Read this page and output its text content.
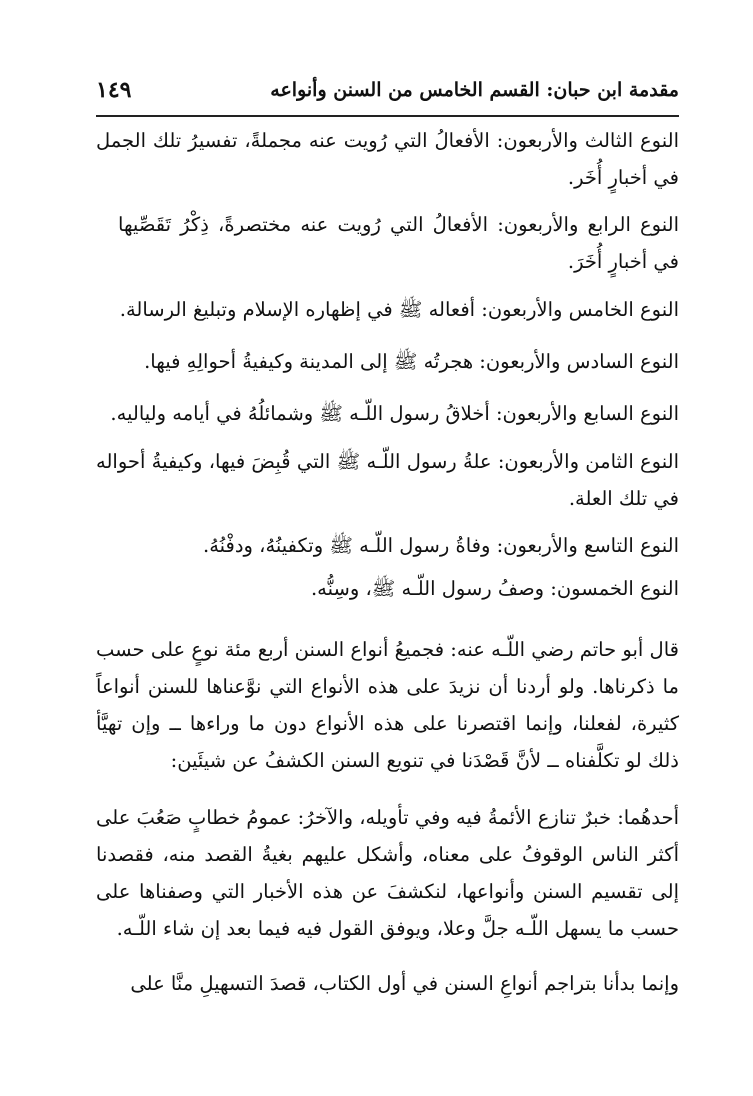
مقدمة ابن حبان: القسم الخامس من السنن وأنواعه
١٤٩

النوع الثالث والأربعون: الأفعالُ التي رُويت عنه مجملةً، تفسيرُ تلك الجمل في أخبارٍ أُخَر.

النوع الرابع والأربعون: الأفعالُ التي رُويت عنه مختصرةً، ذِكْرُ تَقَصِّيها في أخبارٍ أُخَرَ.

النوع الخامس والأربعون: أفعاله ﷺ في إظهاره الإسلام وتبليغ الرسالة.

النوع السادس والأربعون: هجرتُه ﷺ إلى المدينة وكيفيةُ أحوالِهِ فيها.

النوع السابع والأربعون: أخلاقُ رسول اللّـه ﷺ وشمائلُهُ في أيامه ولياليه.

النوع الثامن والأربعون: علةُ رسول اللّـه ﷺ التي قُبِضَ فيها، وكيفيةُ أحواله في تلك العلة.

النوع التاسع والأربعون: وفاةُ رسول اللّـه ﷺ وتكفينُهُ، ودفْنُهُ.

النوع الخمسون: وصفُ رسول اللّـه ﷺ، وسِنُّه.

قال أبو حاتم رضي اللّـه عنه: فجميعُ أنواع السنن أربع مئة نوعٍ على حسب ما ذكرناها. ولو أردنا أن نزيدَ على هذه الأنواع التي نوَّعناها للسنن أنواعاً كثيرة، لفعلنا، وإنما اقتصرنا على هذه الأنواع دون ما وراءها ــ وإن تهيَّأ ذلك لو تكلَّفناه ــ لأنَّ قَصْدَنا في تنويع السنن الكشفُ عن شيئَين:

أحدهُما: خبرٌ تنازع الأئمةُ فيه وفي تأويله، والآخرُ: عمومُ خطابٍ صَعُبَ على أكثر الناس الوقوفُ على معناه، وأشكل عليهم بغيةُ القصد منه، فقصدنا إلى تقسيم السنن وأنواعها، لنكشفَ عن هذه الأخبار التي وصفناها على حسب ما يسهل اللّـه جلَّ وعلا، ويوفق القول فيه فيما بعد إن شاء اللّـه.

وإنما بدأنا بتراجم أنواعِ السنن في أول الكتاب، قصدَ التسهيلِ منَّا على
